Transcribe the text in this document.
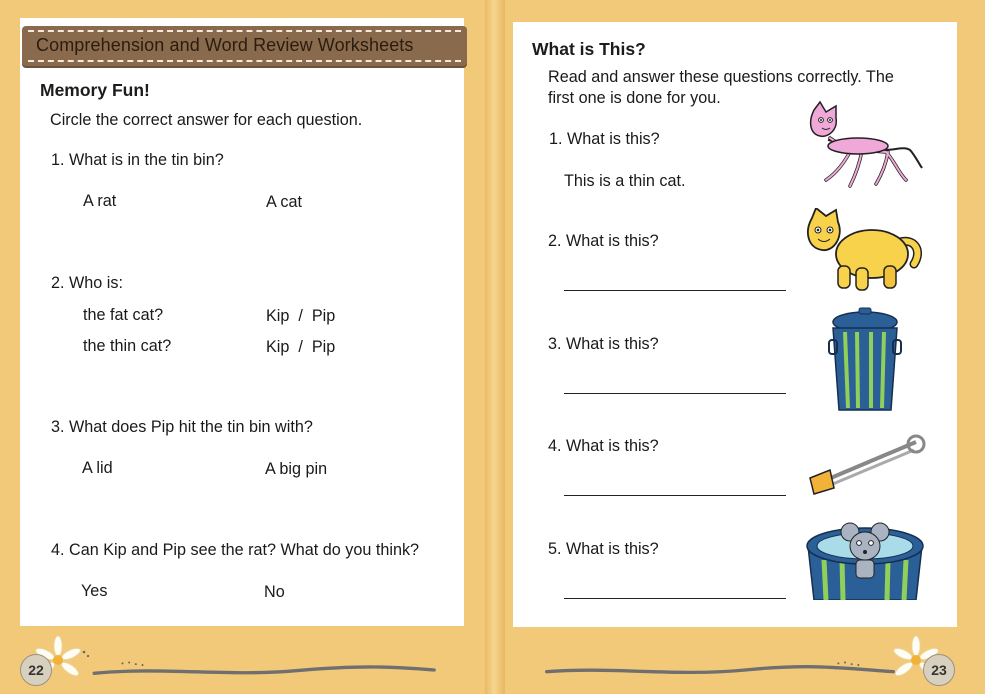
Comprehension and Word Review Worksheets
Memory Fun!
Circle the correct answer for each question.
1. What is in the tin bin?
A rat	A cat
2. Who is:
the fat cat?	Kip  /  Pip
the thin cat?	Kip  /  Pip
3. What does Pip hit the tin bin with?
A lid	A big pin
4. Can Kip and Pip see the rat? What do you think?
Yes	No
22
What is This?
Read and answer these questions correctly. The
first one is done for you.
1. What is this?
This is a thin cat.
2. What is this?
3. What is this?
4. What is this?
5. What is this?
23
